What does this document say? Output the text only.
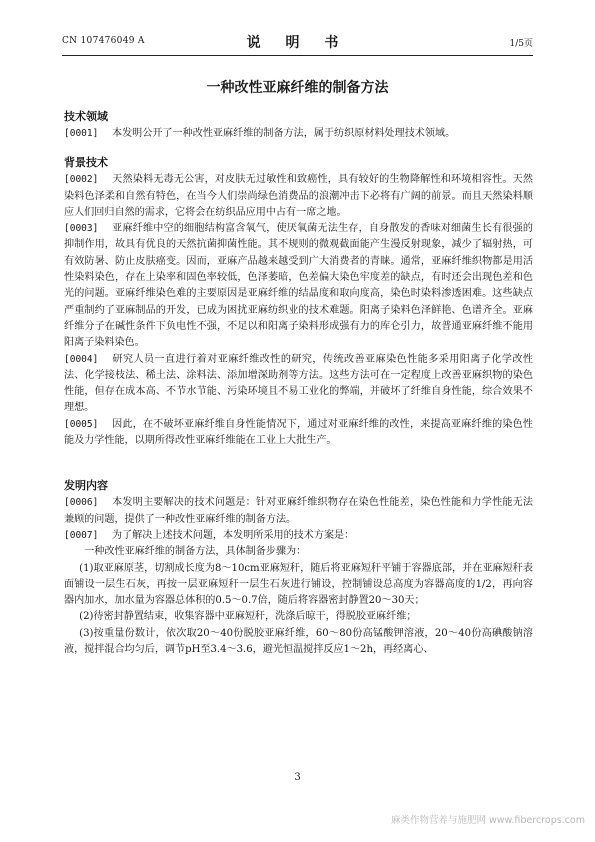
CN 107476049 A	说 明 书	1/5页
一种改性亚麻纤维的制备方法
技术领域

[0001] 本发明公开了一种改性亚麻纤维的制备方法，属于纺织原材料处理技术领域。

背景技术

[0002] 天然染料无毒无公害，对皮肤无过敏性和致癌性，具有较好的生物降解性和环境相容性。天然染料色泽柔和自然有特色，在当今人们崇尚绿色消费品的浪潮冲击下必将有广阔的前景。而且天然染料顺应人们回归自然的需求，它将会在纺织品应用中占有一席之地。

[0003] 亚麻纤维中空的细胞结构富含氧气，使厌氧菌无法生存，自身散发的香味对细菌生长有很强的抑制作用，故具有优良的天然抗菌抑菌性能。其不规则的微观截面能产生漫反射现象，减少了辐射热，可有效防暑、防止皮肤癌变。因而，亚麻产品越来越受到广大消费者的青睐。通常，亚麻纤维织物都是用活性染料染色，存在上染率和固色率较低，色泽萎暗，色差偏大染色牢度差的缺点，有时还会出现色差和色光的问题。亚麻纤维染色难的主要原因是亚麻纤维的结晶度和取向度高，染色时染料渗透困难。这些缺点严重制约了亚麻制品的开发，已成为困扰亚麻纺织业的技术难题。阳离子染料色泽鲜艳、色谱齐全。亚麻纤维分子在碱性条件下负电性不强，不足以和阳离子染料形成强有力的库仑引力，故普通亚麻纤维不能用阳离子染料染色。

[0004] 研究人员一直进行着对亚麻纤维改性的研究，传统改善亚麻染色性能多采用阳离子化学改性法、化学接枝法、稀土法、涂料法、添加增深助剂等方法。这些方法可在一定程度上改善亚麻织物的染色性能，但存在成本高、不节水节能、污染环境且不易工业化的弊端，并破坏了纤维自身性能，综合效果不理想。

[0005] 因此，在不破坏亚麻纤维自身性能情况下，通过对亚麻纤维的改性，来提高亚麻纤维的染色性能及力学性能，以期所得改性亚麻纤维能在工业上大批生产。

发明内容

[0006] 本发明主要解决的技术问题是：针对亚麻纤维织物存在染色性能差，染色性能和力学性能无法兼顾的问题，提供了一种改性亚麻纤维的制备方法。

[0007] 为了解决上述技术问题，本发明所采用的技术方案是：

一种改性亚麻纤维的制备方法，具体制备步骤为：

(1)取亚麻原茎，切割成长度为8～10cm亚麻短秆，随后将亚麻短秆平铺于容器底部，并在亚麻短秆表面铺设一层生石灰，再按一层亚麻短秆一层生石灰进行铺设，控制铺设总高度为容器高度的1/2，再向容器内加水，加水量为容器总体积的0.5～0.7倍，随后将容器密封静置20～30天；

(2)待密封静置结束，收集容器中亚麻短秆，洗涤后晾干，得脱胶亚麻纤维；

(3)按重量份数计，依次取20～40份脱胶亚麻纤维，60～80份高锰酸钾溶液，20～40份高碘酸钠溶液，搅拌混合均匀后，调节pH至3.4～3.6，避光恒温搅拌反应1～2h，再经离心、

3
麻类作物营养与施肥网 www.fibercrops.com
